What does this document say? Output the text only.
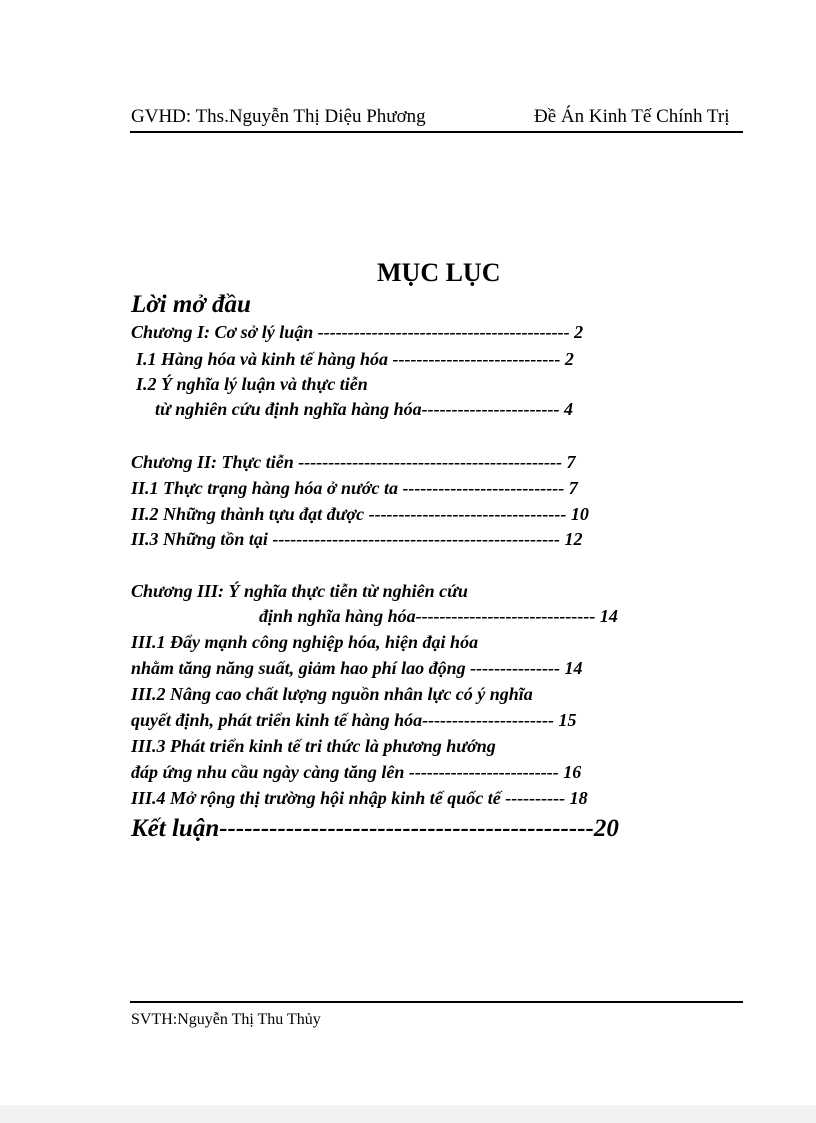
GVHD: Ths.Nguyễn Thị Diệu Phương	Đề Án Kinh Tế Chính Trị
MỤC LỤC
Lời mở đầu
Chương I: Cơ sở lý luận ------------------------------------------ 2
I.1 Hàng hóa và kinh tế hàng hóa ---------------------------- 2
I.2 Ý nghĩa lý luận và thực tiễn
từ nghiên cứu định nghĩa hàng hóa----------------------- 4
Chương II: Thực tiễn -------------------------------------------- 7
II.1 Thực trạng hàng hóa ở nước ta --------------------------- 7
II.2 Những thành tựu đạt được --------------------------------- 10
II.3 Những tồn tại ------------------------------------------------ 12
Chương III: Ý nghĩa thực tiễn từ nghiên cứu
định nghĩa hàng hóa------------------------------ 14
III.1 Đẩy mạnh công nghiệp hóa, hiện đại hóa
nhằm tăng năng suất, giảm hao phí lao động --------------- 14
III.2 Nâng cao chất lượng nguồn nhân lực có ý nghĩa
quyết định, phát triển kinh tế hàng hóa---------------------- 15
III.3 Phát triển kinh tế tri thức là phương hướng
đáp ứng nhu cầu ngày càng tăng lên ------------------------- 16
III.4 Mở rộng thị trường hội nhập kinh tế quốc tế ---------- 18
Kết luận---------------------------------------------20
SVTH:Nguyễn Thị Thu Thủy
